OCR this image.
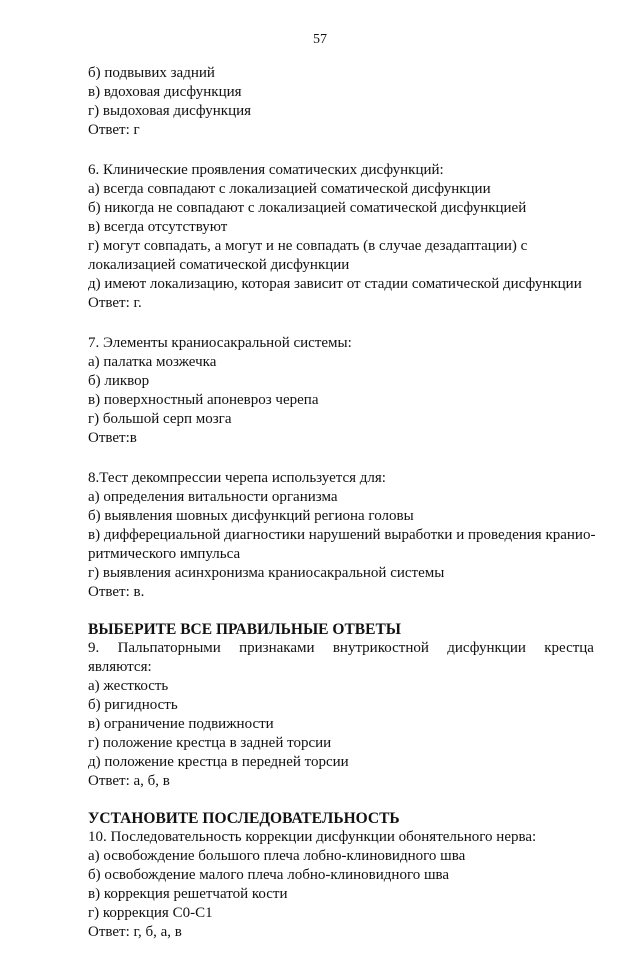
57
б) подвывих задний
в) вдоховая дисфункция
г) выдоховая дисфункция
Ответ: г
6. Клинические проявления соматических дисфункций:
а) всегда совпадают с локализацией соматической дисфункции
б) никогда не совпадают с локализацией соматической дисфункцией
в) всегда отсутствуют
г) могут совпадать, а могут и не совпадать (в случае дезадаптации) с
локализацией соматической дисфункции
д) имеют локализацию, которая зависит от стадии соматической дисфункции
Ответ: г.
7. Элементы краниосакральной системы:
а) палатка мозжечка
б) ликвор
в) поверхностный апоневроз черепа
г) большой серп мозга
Ответ:в
8.Тест декомпрессии черепа используется для:
а) определения витальности организма
б) выявления шовных дисфункций региона головы
в) дифферециальной диагностики нарушений выработки и проведения кранио-
ритмического импульса
г) выявления асинхронизма краниосакральной системы
Ответ: в.
ВЫБЕРИТЕ ВСЕ ПРАВИЛЬНЫЕ ОТВЕТЫ
9. Пальпаторными признаками внутрикостной дисфункции крестца
являются:
а) жесткость
б) ригидность
в) ограничение подвижности
г) положение крестца в задней торсии
д) положение крестца в передней торсии
Ответ: а, б, в
УСТАНОВИТЕ ПОСЛЕДОВАТЕЛЬНОСТЬ
10. Последовательность коррекции дисфункции обонятельного нерва:
а) освобождение большого плеча лобно-клиновидного шва
б) освобождение малого плеча лобно-клиновидного шва
в) коррекция решетчатой кости
г) коррекция С0-С1
Ответ: г, б, а, в
